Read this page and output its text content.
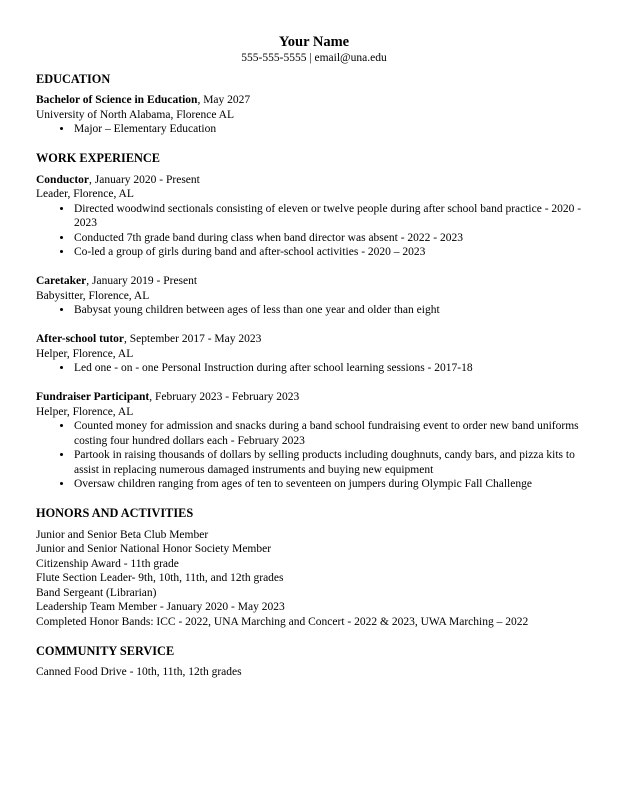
Your Name

555-555-5555 | email@una.edu

EDUCATION

Bachelor of Science in Education, May 2027

University of North Alabama, Florence AL

• Major – Elementary Education

WORK EXPERIENCE

Conductor, January 2020 - Present

Leader, Florence, AL

• Directed woodwind sectionals consisting of eleven or twelve people during after school band practice - 2020 - 2023
• Conducted 7th grade band during class when band director was absent - 2022 - 2023
• Co-led a group of girls during band and after-school activities - 2020 – 2023

Caretaker, January 2019 - Present

Babysitter, Florence, AL

• Babysat young children between ages of less than one year and older than eight

After-school tutor, September 2017 - May 2023

Helper, Florence, AL

• Led one - on - one Personal Instruction during after school learning sessions - 2017-18

Fundraiser Participant, February 2023 - February 2023

Helper, Florence, AL

• Counted money for admission and snacks during a band school fundraising event to order new band uniforms costing four hundred dollars each - February 2023
• Partook in raising thousands of dollars by selling products including doughnuts, candy bars, and pizza kits to assist in replacing numerous damaged instruments and buying new equipment
• Oversaw children ranging from ages of ten to seventeen on jumpers during Olympic Fall Challenge

HONORS AND ACTIVITIES

Junior and Senior Beta Club Member

Junior and Senior National Honor Society Member

Citizenship Award - 11th grade

Flute Section Leader- 9th, 10th, 11th, and 12th grades

Band Sergeant (Librarian)

Leadership Team Member - January 2020 - May 2023

Completed Honor Bands: ICC - 2022, UNA Marching and Concert - 2022 & 2023, UWA Marching – 2022

COMMUNITY SERVICE

Canned Food Drive - 10th, 11th, 12th grades
